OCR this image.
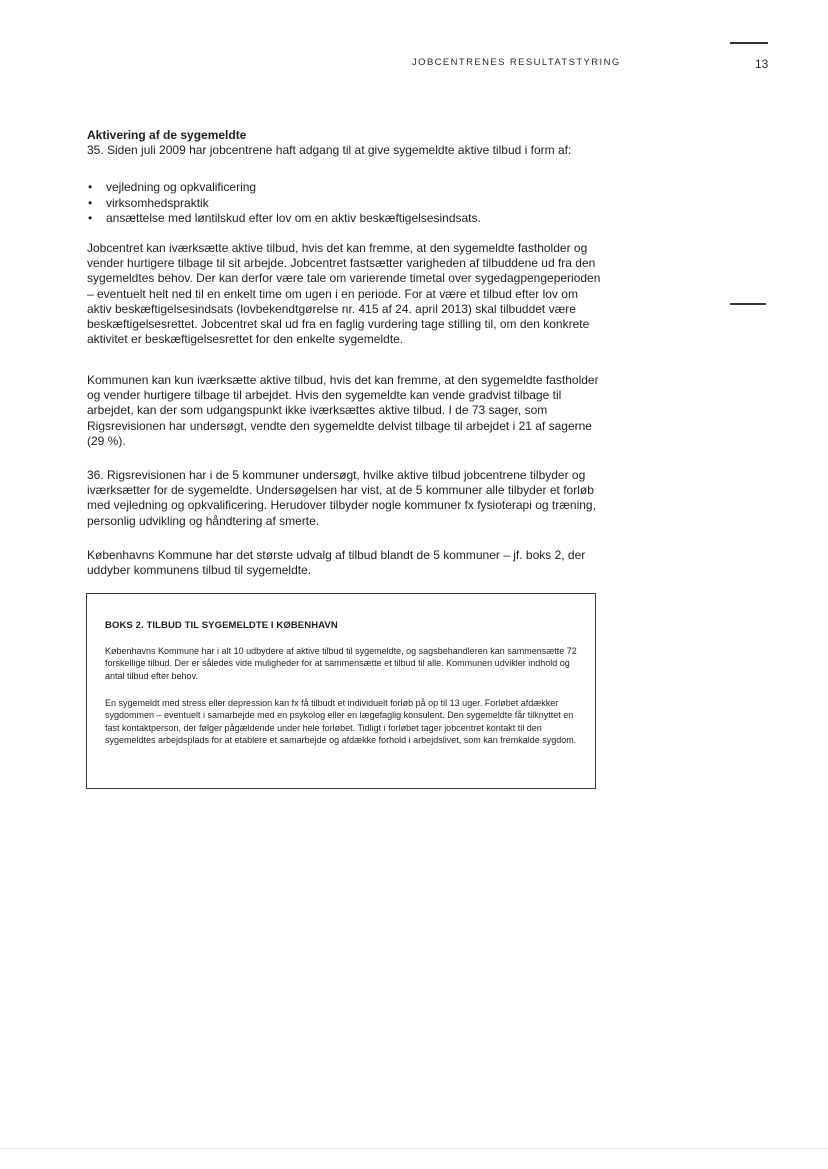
JOBCENTRENES RESULTATSTYRING	13
Aktivering af de sygemeldte

35. Siden juli 2009 har jobcentrene haft adgang til at give sygemeldte aktive tilbud i form af:

• vejledning og opkvalificering
• virksomhedspraktik
• ansættelse med løntilskud efter lov om en aktiv beskæftigelsesindsats.

Jobcentret kan iværksætte aktive tilbud, hvis det kan fremme, at den sygemeldte fastholder og vender hurtigere tilbage til sit arbejde. Jobcentret fastsætter varigheden af tilbuddene ud fra den sygemeldtes behov. Der kan derfor være tale om varierende timetal over sygedagpengeperioden – eventuelt helt ned til en enkelt time om ugen i en periode. For at være et tilbud efter lov om aktiv beskæftigelsesindsats (lovbekendtgørelse nr. 415 af 24. april 2013) skal tilbuddet være beskæftigelsesrettet. Jobcentret skal ud fra en faglig vurdering tage stilling til, om den konkrete aktivitet er beskæftigelsesrettet for den enkelte sygemeldte.

Kommunen kan kun iværksætte aktive tilbud, hvis det kan fremme, at den sygemeldte fastholder og vender hurtigere tilbage til arbejdet. Hvis den sygemeldte kan vende gradvist tilbage til arbejdet, kan der som udgangspunkt ikke iværksættes aktive tilbud. I de 73 sager, som Rigsrevisionen har undersøgt, vendte den sygemeldte delvist tilbage til arbejdet i 21 af sagerne (29 %).

36. Rigsrevisionen har i de 5 kommuner undersøgt, hvilke aktive tilbud jobcentrene tilbyder og iværksætter for de sygemeldte. Undersøgelsen har vist, at de 5 kommuner alle tilbyder et forløb med vejledning og opkvalificering. Herudover tilbyder nogle kommuner fx fysioterapi og træning, personlig udvikling og håndtering af smerte.

Københavns Kommune har det største udvalg af tilbud blandt de 5 kommuner – jf. boks 2, der uddyber kommunens tilbud til sygemeldte.

BOKS 2. TILBUD TIL SYGEMELDTE I KØBENHAVN

Københavns Kommune har i alt 10 udbydere af aktive tilbud til sygemeldte, og sagsbehandleren kan sammensætte 72 forskellige tilbud. Der er således vide muligheder for at sammensætte et tilbud til alle. Kommunen udvikler indhold og antal tilbud efter behov.

En sygemeldt med stress eller depression kan fx få tilbudt et individuelt forløb på op til 13 uger. Forløbet afdækker sygdommen – eventuelt i samarbejde med en psykolog eller en lægefaglig konsulent. Den sygemeldte får tilknyttet en fast kontaktperson, der følger pågældende under hele forløbet. Tidligt i forløbet tager jobcentret kontakt til den sygemeldtes arbejdsplads for at etablere et samarbejde og afdække forhold i arbejdslivet, som kan fremkalde sygdom.
